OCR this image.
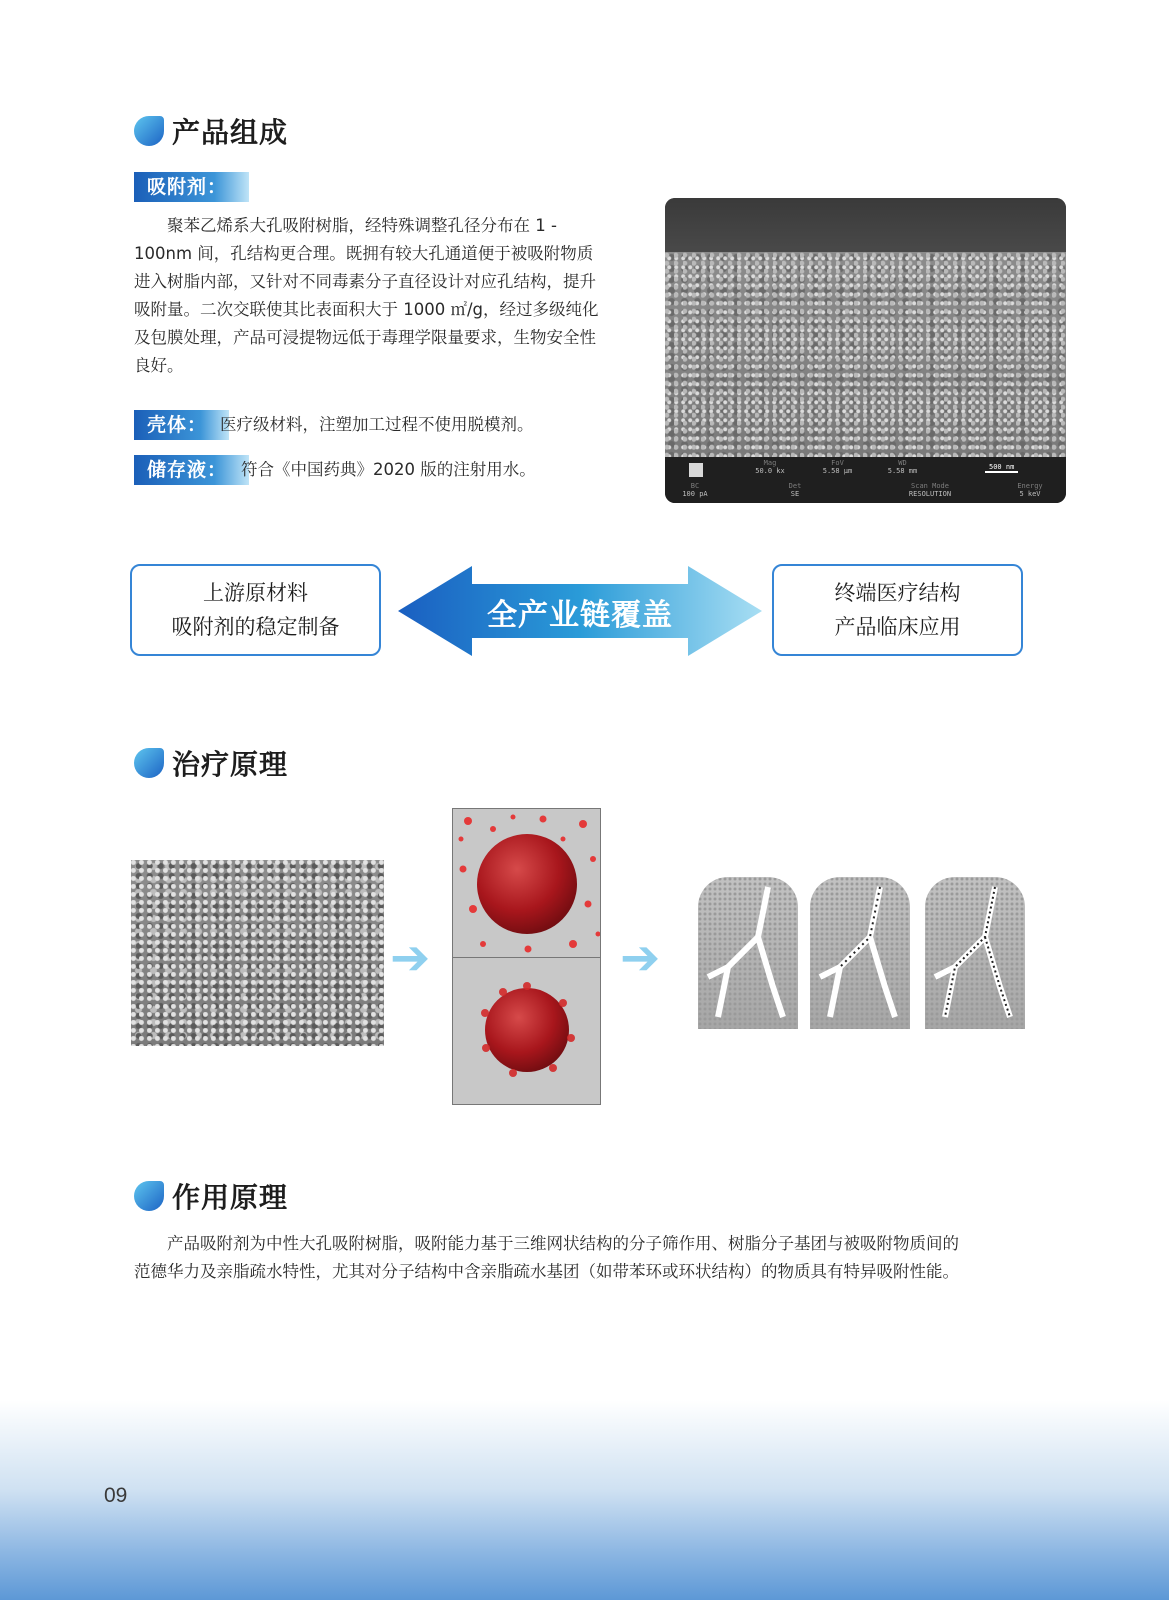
产品组成
吸附剂：
　　聚苯乙烯系大孔吸附树脂，经特殊调整孔径分布在 1 -
100nm 间，孔结构更合理。既拥有较大孔通道便于被吸附物质
进入树脂内部，又针对不同毒素分子直径设计对应孔结构，提升
吸附量。二次交联使其比表面积大于 1000 ㎡/g，经过多级纯化
及包膜处理，产品可浸提物远低于毒理学限量要求，生物安全性
良好。
壳体： 医疗级材料，注塑加工过程不使用脱模剂。
储存液： 符合《中国药典》2020 版的注射用水。	Mag
50.0 kx
FoV
5.58 μm
WD
5.58 mm	500 nm
BC
100 pA
Det
SE
Scan Mode
RESOLUTION
Energy
5 keV
上游原材料
吸附剂的稳定制备	全产业链覆盖
终端医疗结构
产品临床应用
治疗原理
➔	➔
作用原理
　　产品吸附剂为中性大孔吸附树脂，吸附能力基于三维网状结构的分子筛作用、树脂分子基团与被吸附物质间的
范德华力及亲脂疏水特性，尤其对分子结构中含亲脂疏水基团（如带苯环或环状结构）的物质具有特异吸附性能。
09
